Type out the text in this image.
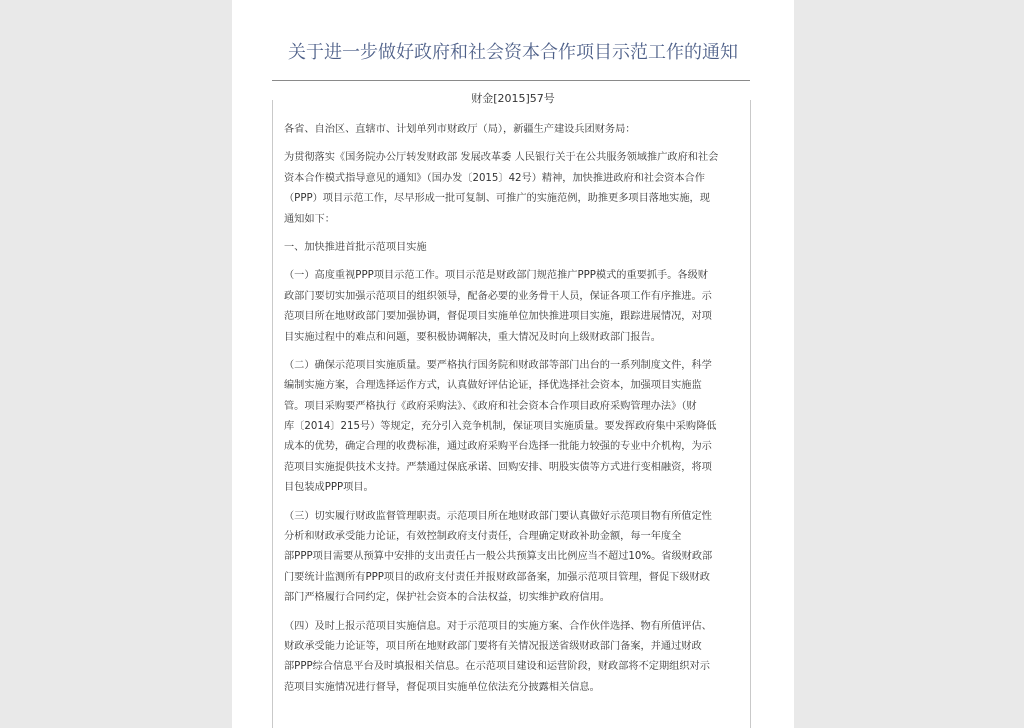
关于进一步做好政府和社会资本合作项目示范工作的通知
财金[2015]57号
各省、自治区、直辖市、计划单列市财政厅（局），新疆生产建设兵团财务局：
为贯彻落实《国务院办公厅转发财政部 发展改革委 人民银行关于在公共服务领域推广政府和社会
资本合作模式指导意见的通知》（国办发〔2015〕42号）精神，加快推进政府和社会资本合作
（PPP）项目示范工作，尽早形成一批可复制、可推广的实施范例，助推更多项目落地实施，现
通知如下：
一、加快推进首批示范项目实施
（一）高度重视PPP项目示范工作。项目示范是财政部门规范推广PPP模式的重要抓手。各级财
政部门要切实加强示范项目的组织领导，配备必要的业务骨干人员，保证各项工作有序推进。示
范项目所在地财政部门要加强协调，督促项目实施单位加快推进项目实施，跟踪进展情况，对项
目实施过程中的难点和问题，要积极协调解决，重大情况及时向上级财政部门报告。
（二）确保示范项目实施质量。要严格执行国务院和财政部等部门出台的一系列制度文件，科学
编制实施方案，合理选择运作方式，认真做好评估论证，择优选择社会资本，加强项目实施监
管。项目采购要严格执行《政府采购法》、《政府和社会资本合作项目政府采购管理办法》（财
库〔2014〕215号）等规定，充分引入竞争机制，保证项目实施质量。要发挥政府集中采购降低
成本的优势，确定合理的收费标准，通过政府采购平台选择一批能力较强的专业中介机构，为示
范项目实施提供技术支持。严禁通过保底承诺、回购安排、明股实债等方式进行变相融资，将项
目包装成PPP项目。
（三）切实履行财政监督管理职责。示范项目所在地财政部门要认真做好示范项目物有所值定性
分析和财政承受能力论证，有效控制政府支付责任，合理确定财政补助金额，每一年度全
部PPP项目需要从预算中安排的支出责任占一般公共预算支出比例应当不超过10%。省级财政部
门要统计监测所有PPP项目的政府支付责任并报财政部备案，加强示范项目管理，督促下级财政
部门严格履行合同约定，保护社会资本的合法权益，切实维护政府信用。
（四）及时上报示范项目实施信息。对于示范项目的实施方案、合作伙伴选择、物有所值评估、
财政承受能力论证等，项目所在地财政部门要将有关情况报送省级财政部门备案，并通过财政
部PPP综合信息平台及时填报相关信息。在示范项目建设和运营阶段，财政部将不定期组织对示
范项目实施情况进行督导，督促项目实施单位依法充分披露相关信息。
